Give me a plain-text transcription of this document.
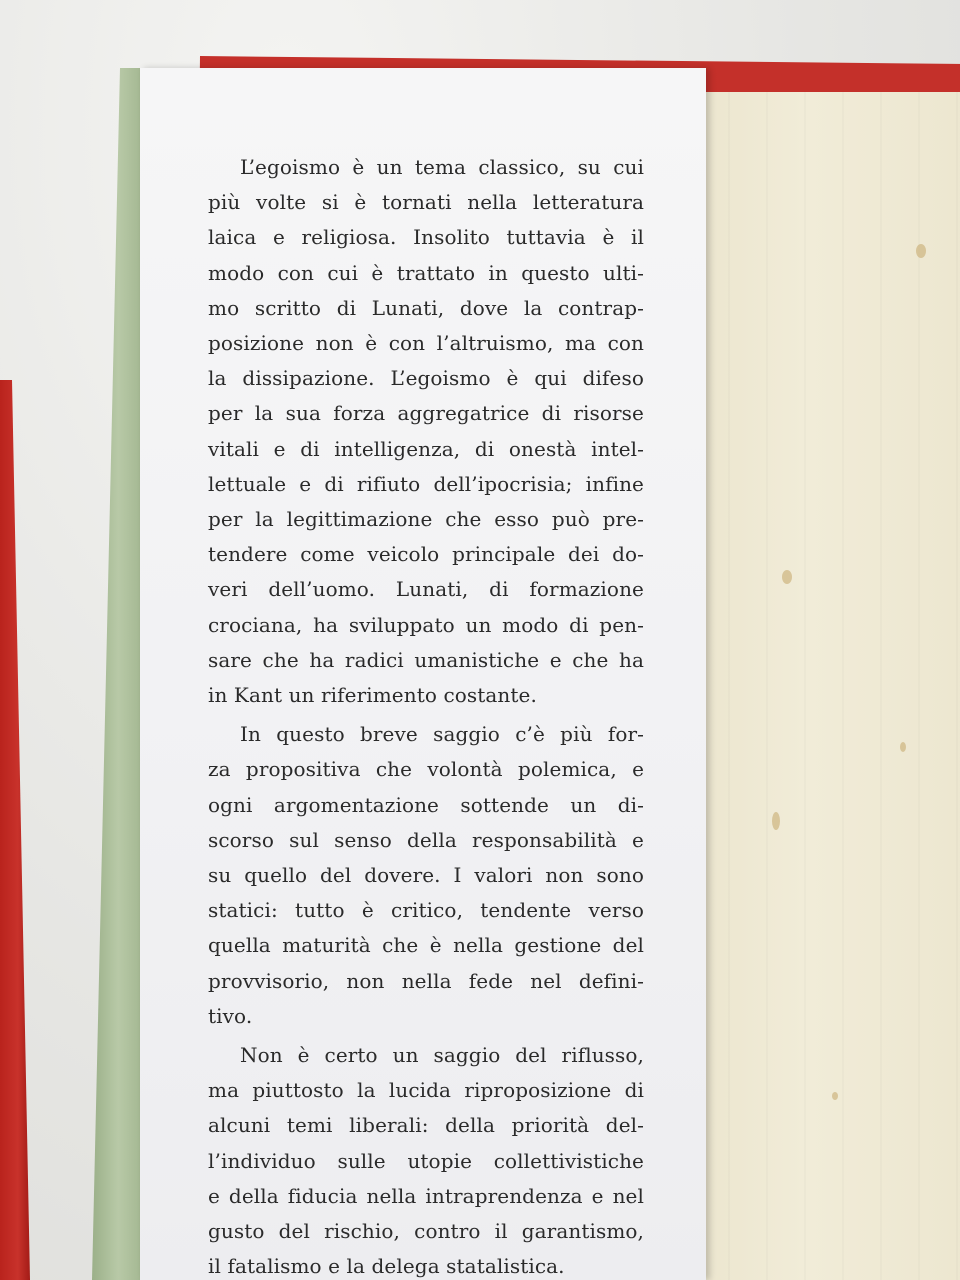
L’egoismo è un tema classico, su cui
più volte si è tornati nella letteratura
laica e religiosa. Insolito tuttavia è il
modo con cui è trattato in questo ulti-
mo scritto di Lunati, dove la contrap-
posizione non è con l’altruismo, ma con
la dissipazione. L’egoismo è qui difeso
per la sua forza aggregatrice di risorse
vitali e di intelligenza, di onestà intel-
lettuale e di rifiuto dell’ipocrisia; infine
per la legittimazione che esso può pre-
tendere come veicolo principale dei do-
veri dell’uomo. Lunati, di formazione
crociana, ha sviluppato un modo di pen-
sare che ha radici umanistiche e che ha
in Kant un riferimento costante.
In questo breve saggio c’è più for-
za propositiva che volontà polemica, e
ogni argomentazione sottende un di-
scorso sul senso della responsabilità e
su quello del dovere. I valori non sono
statici: tutto è critico, tendente verso
quella maturità che è nella gestione del
provvisorio, non nella fede nel defini-
tivo.
Non è certo un saggio del riflusso,
ma piuttosto la lucida riproposizione di
alcuni temi liberali: della priorità del-
l’individuo sulle utopie collettivistiche
e della fiducia nella intraprendenza e nel
gusto del rischio, contro il garantismo,
il fatalismo e la delega statalistica.
